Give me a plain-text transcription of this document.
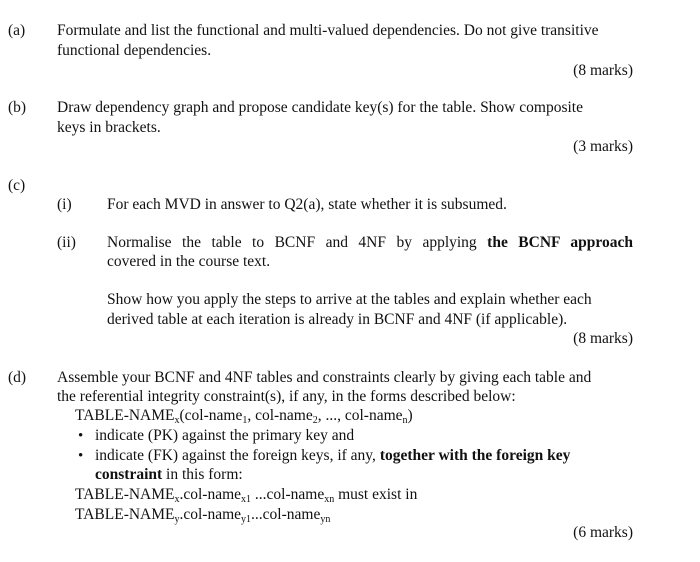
(a) Formulate and list the functional and multi-valued dependencies. Do not give transitive
functional dependencies.
(8 marks)
(b) Draw dependency graph and propose candidate key(s) for the table. Show composite
keys in brackets.
(3 marks)
(c)
(i) For each MVD in answer to Q2(a), state whether it is subsumed.
(ii) Normalise the table to BCNF and 4NF by applying the BCNF approach
covered in the course text.
Show how you apply the steps to arrive at the tables and explain whether each
derived table at each iteration is already in BCNF and 4NF (if applicable).
(8 marks)
(d) Assemble your BCNF and 4NF tables and constraints clearly by giving each table and
the referential integrity constraint(s), if any, in the forms described below:
TABLE-$NAME_x(col-name_1$, col-name$_2$, ..., col-name$_n$)
• indicate (PK) against the primary key and
• indicate (FK) against the foreign keys, if any, together with the foreign key
constraint in this form:
TABLE-$NAME_x.col-name_{x1}$ ...col-name$_{xn}$ must exist in
TABLE-$NAME_y.col-name_{y1}...col-name_{yn}$
(6 marks)
